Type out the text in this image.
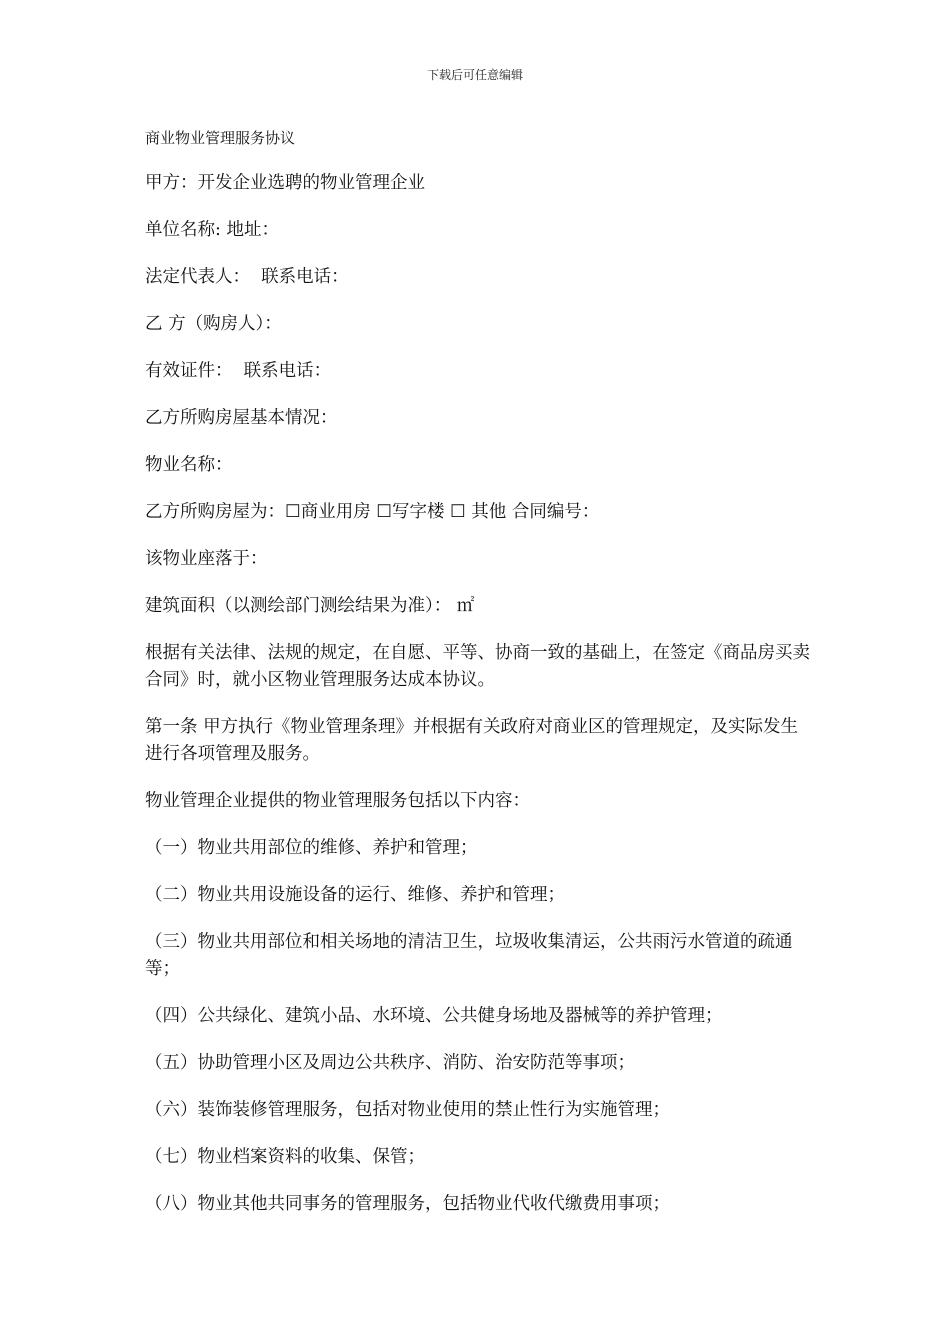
下载后可任意编辑
商业物业管理服务协议

甲方：开发企业选聘的物业管理企业

单位名称: 地址：

法定代表人：  联系电话：

乙 方（购房人）：

有效证件：  联系电话：

乙方所购房屋基本情况：

物业名称：

乙方所购房屋为：☐商业用房 ☐写字楼 ☐ 其他 合同编号：

该物业座落于：

建筑面积（以测绘部门测绘结果为准）： ㎡

根据有关法律、法规的规定，在自愿、平等、协商一致的基础上，在签定《商品房买卖合同》时，就小区物业管理服务达成本协议。

第一条 甲方执行《物业管理条理》并根据有关政府对商业区的管理规定，及实际发生进行各项管理及服务。

物业管理企业提供的物业管理服务包括以下内容：

（一）物业共用部位的维修、养护和管理；

（二）物业共用设施设备的运行、维修、养护和管理；

（三）物业共用部位和相关场地的清洁卫生，垃圾收集清运，公共雨污水管道的疏通等；

（四）公共绿化、建筑小品、水环境、公共健身场地及器械等的养护管理；

（五）协助管理小区及周边公共秩序、消防、治安防范等事项；

（六）装饰装修管理服务，包括对物业使用的禁止性行为实施管理；

（七）物业档案资料的收集、保管；

（八）物业其他共同事务的管理服务，包括物业代收代缴费用事项；
